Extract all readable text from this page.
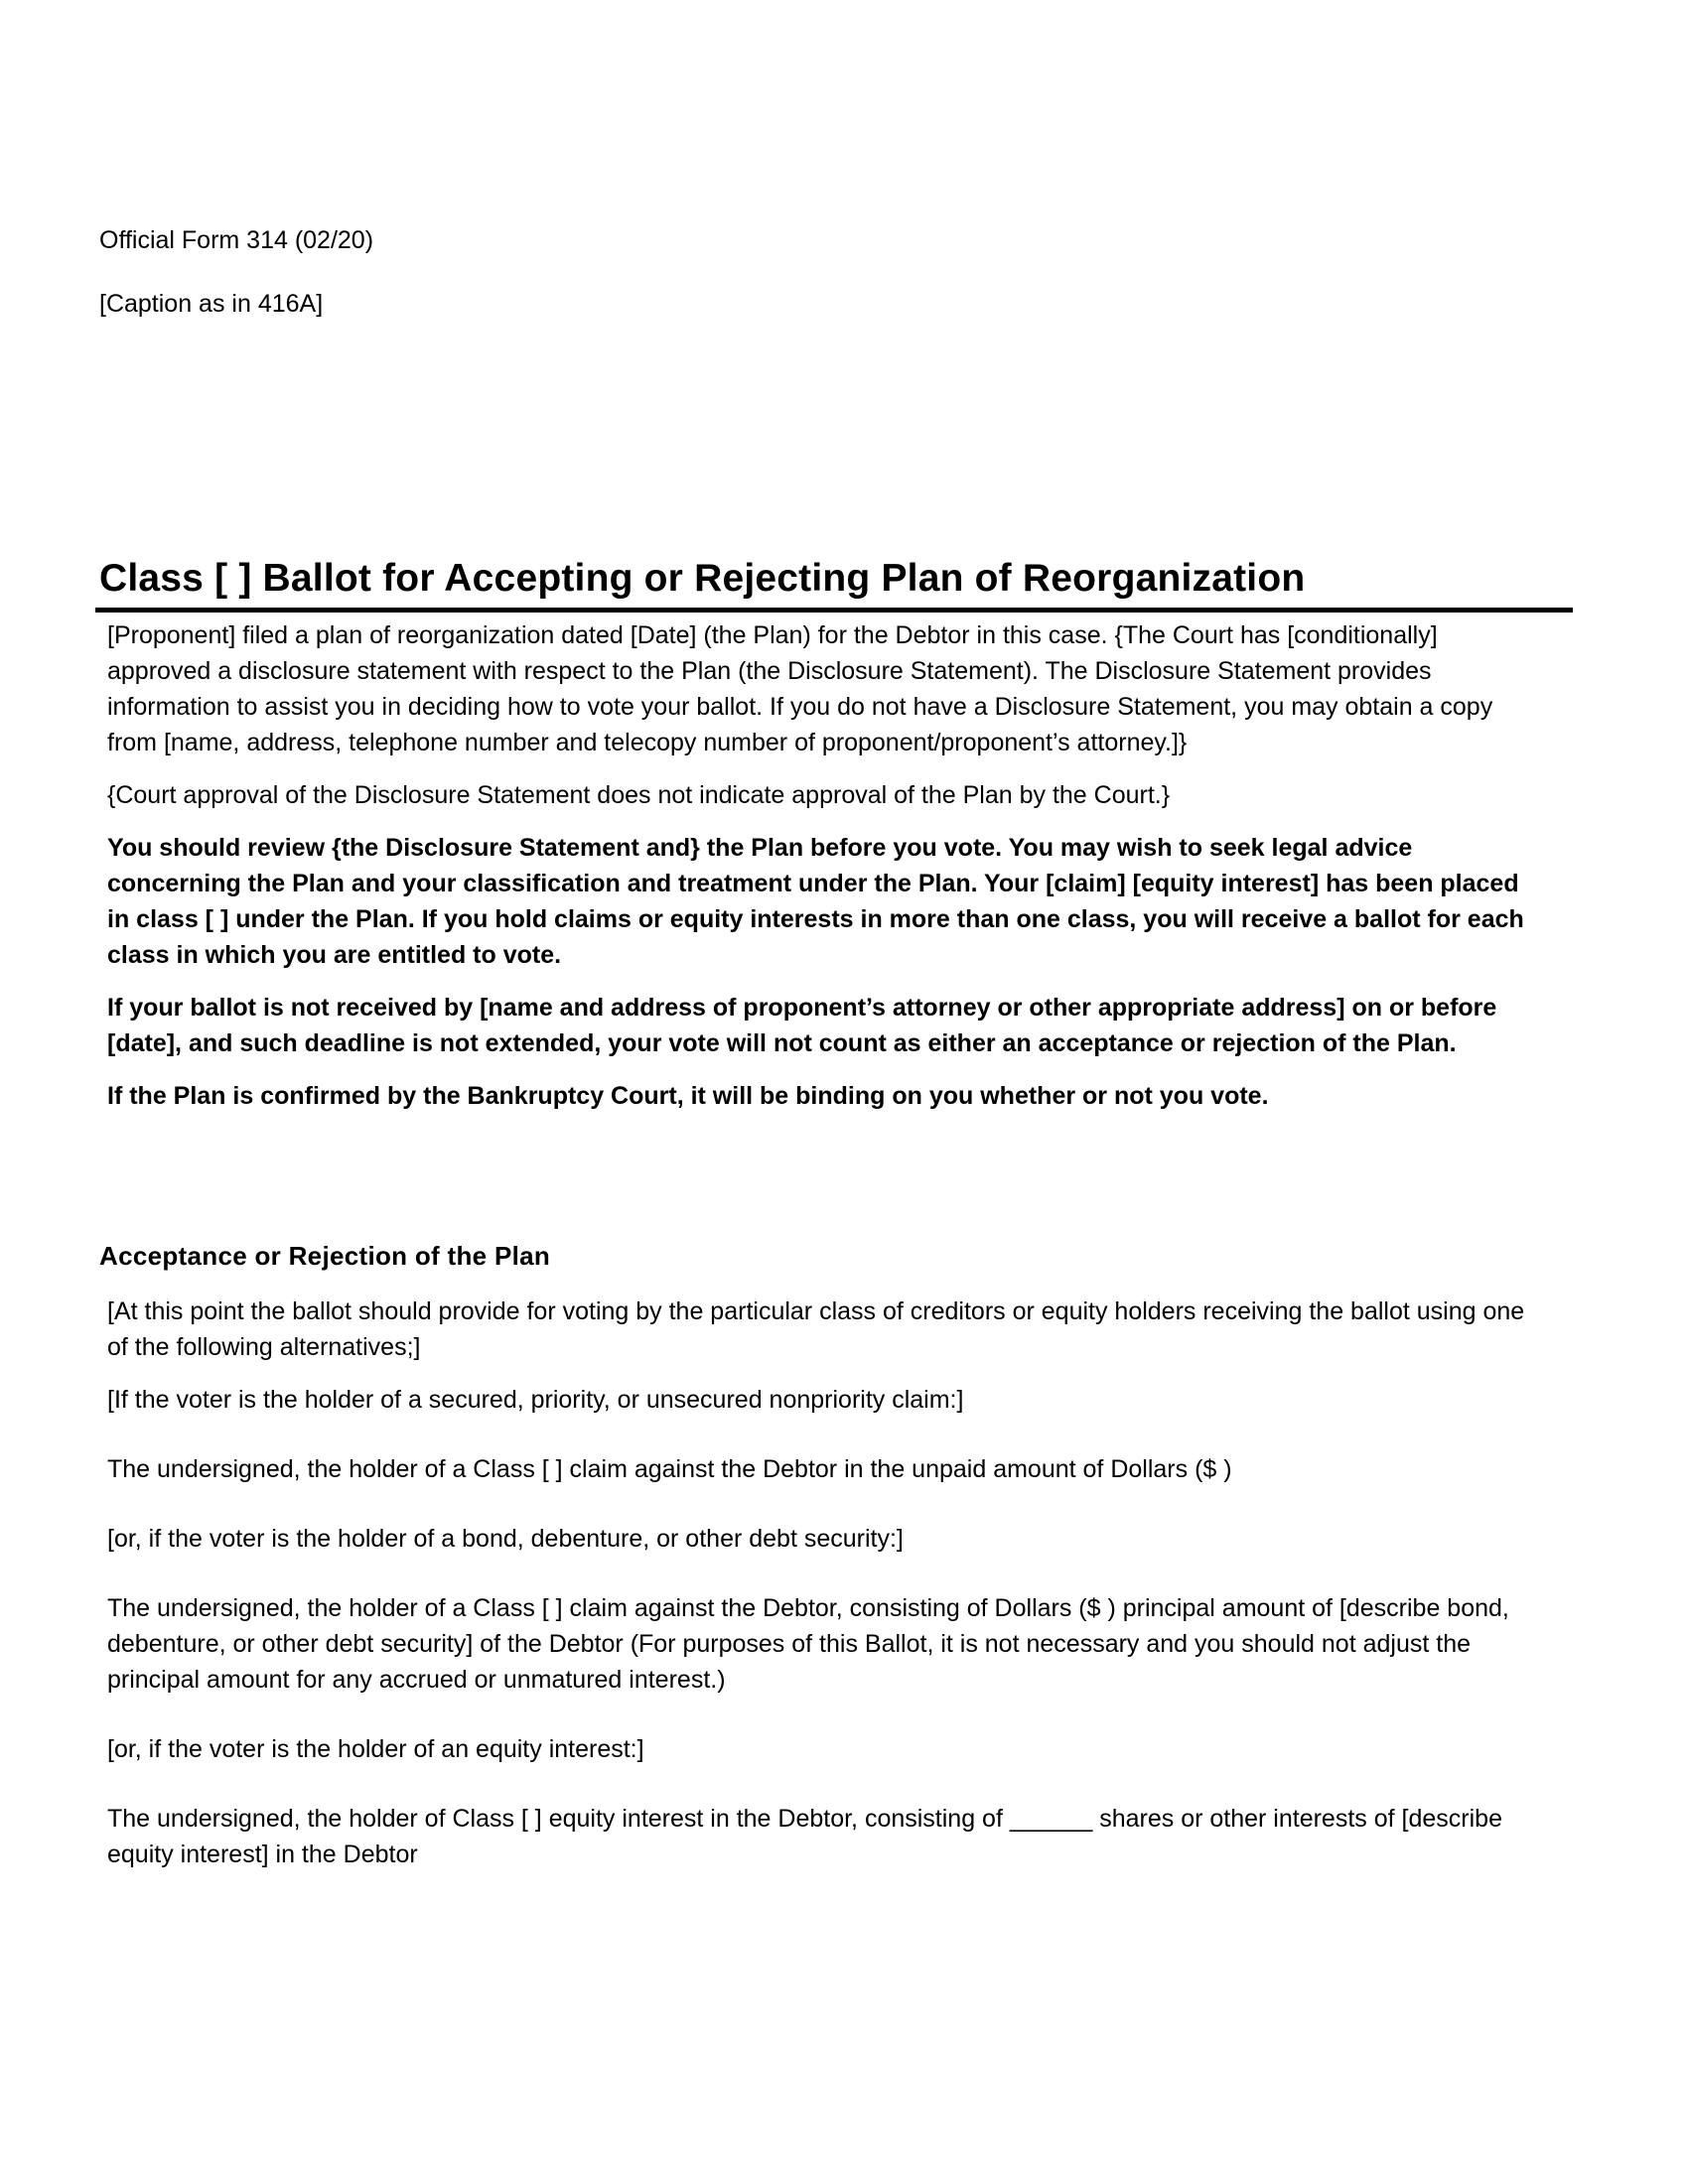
Official Form 314 (02/20)
[Caption as in 416A]
Class [ ] Ballot for Accepting or Rejecting Plan of Reorganization

[Proponent] filed a plan of reorganization dated [Date] (the Plan) for the Debtor in this case. {The Court has [conditionally] approved a disclosure statement with respect to the Plan (the Disclosure Statement). The Disclosure Statement provides information to assist you in deciding how to vote your ballot. If you do not have a Disclosure Statement, you may obtain a copy from [name, address, telephone number and telecopy number of proponent/proponent’s attorney.]}

{Court approval of the Disclosure Statement does not indicate approval of the Plan by the Court.}

You should review {the Disclosure Statement and} the Plan before you vote. You may wish to seek legal advice concerning the Plan and your classification and treatment under the Plan. Your [claim] [equity interest] has been placed in class [ ] under the Plan. If you hold claims or equity interests in more than one class, you will receive a ballot for each class in which you are entitled to vote.

If your ballot is not received by [name and address of proponent’s attorney or other appropriate address] on or before [date], and such deadline is not extended, your vote will not count as either an acceptance or rejection of the Plan.

If the Plan is confirmed by the Bankruptcy Court, it will be binding on you whether or not you vote.

Acceptance or Rejection of the Plan

[At this point the ballot should provide for voting by the particular class of creditors or equity holders receiving the ballot using one of the following alternatives;]

[If the voter is the holder of a secured, priority, or unsecured nonpriority claim:]

The undersigned, the holder of a Class [ ] claim against the Debtor in the unpaid amount of Dollars ($ )

[or, if the voter is the holder of a bond, debenture, or other debt security:]

The undersigned, the holder of a Class [ ] claim against the Debtor, consisting of Dollars ($ ) principal amount of [describe bond, debenture, or other debt security] of the Debtor (For purposes of this Ballot, it is not necessary and you should not adjust the principal amount for any accrued or unmatured interest.)

[or, if the voter is the holder of an equity interest:]

The undersigned, the holder of Class [ ] equity interest in the Debtor, consisting of ______ shares or other interests of [describe equity interest] in the Debtor
